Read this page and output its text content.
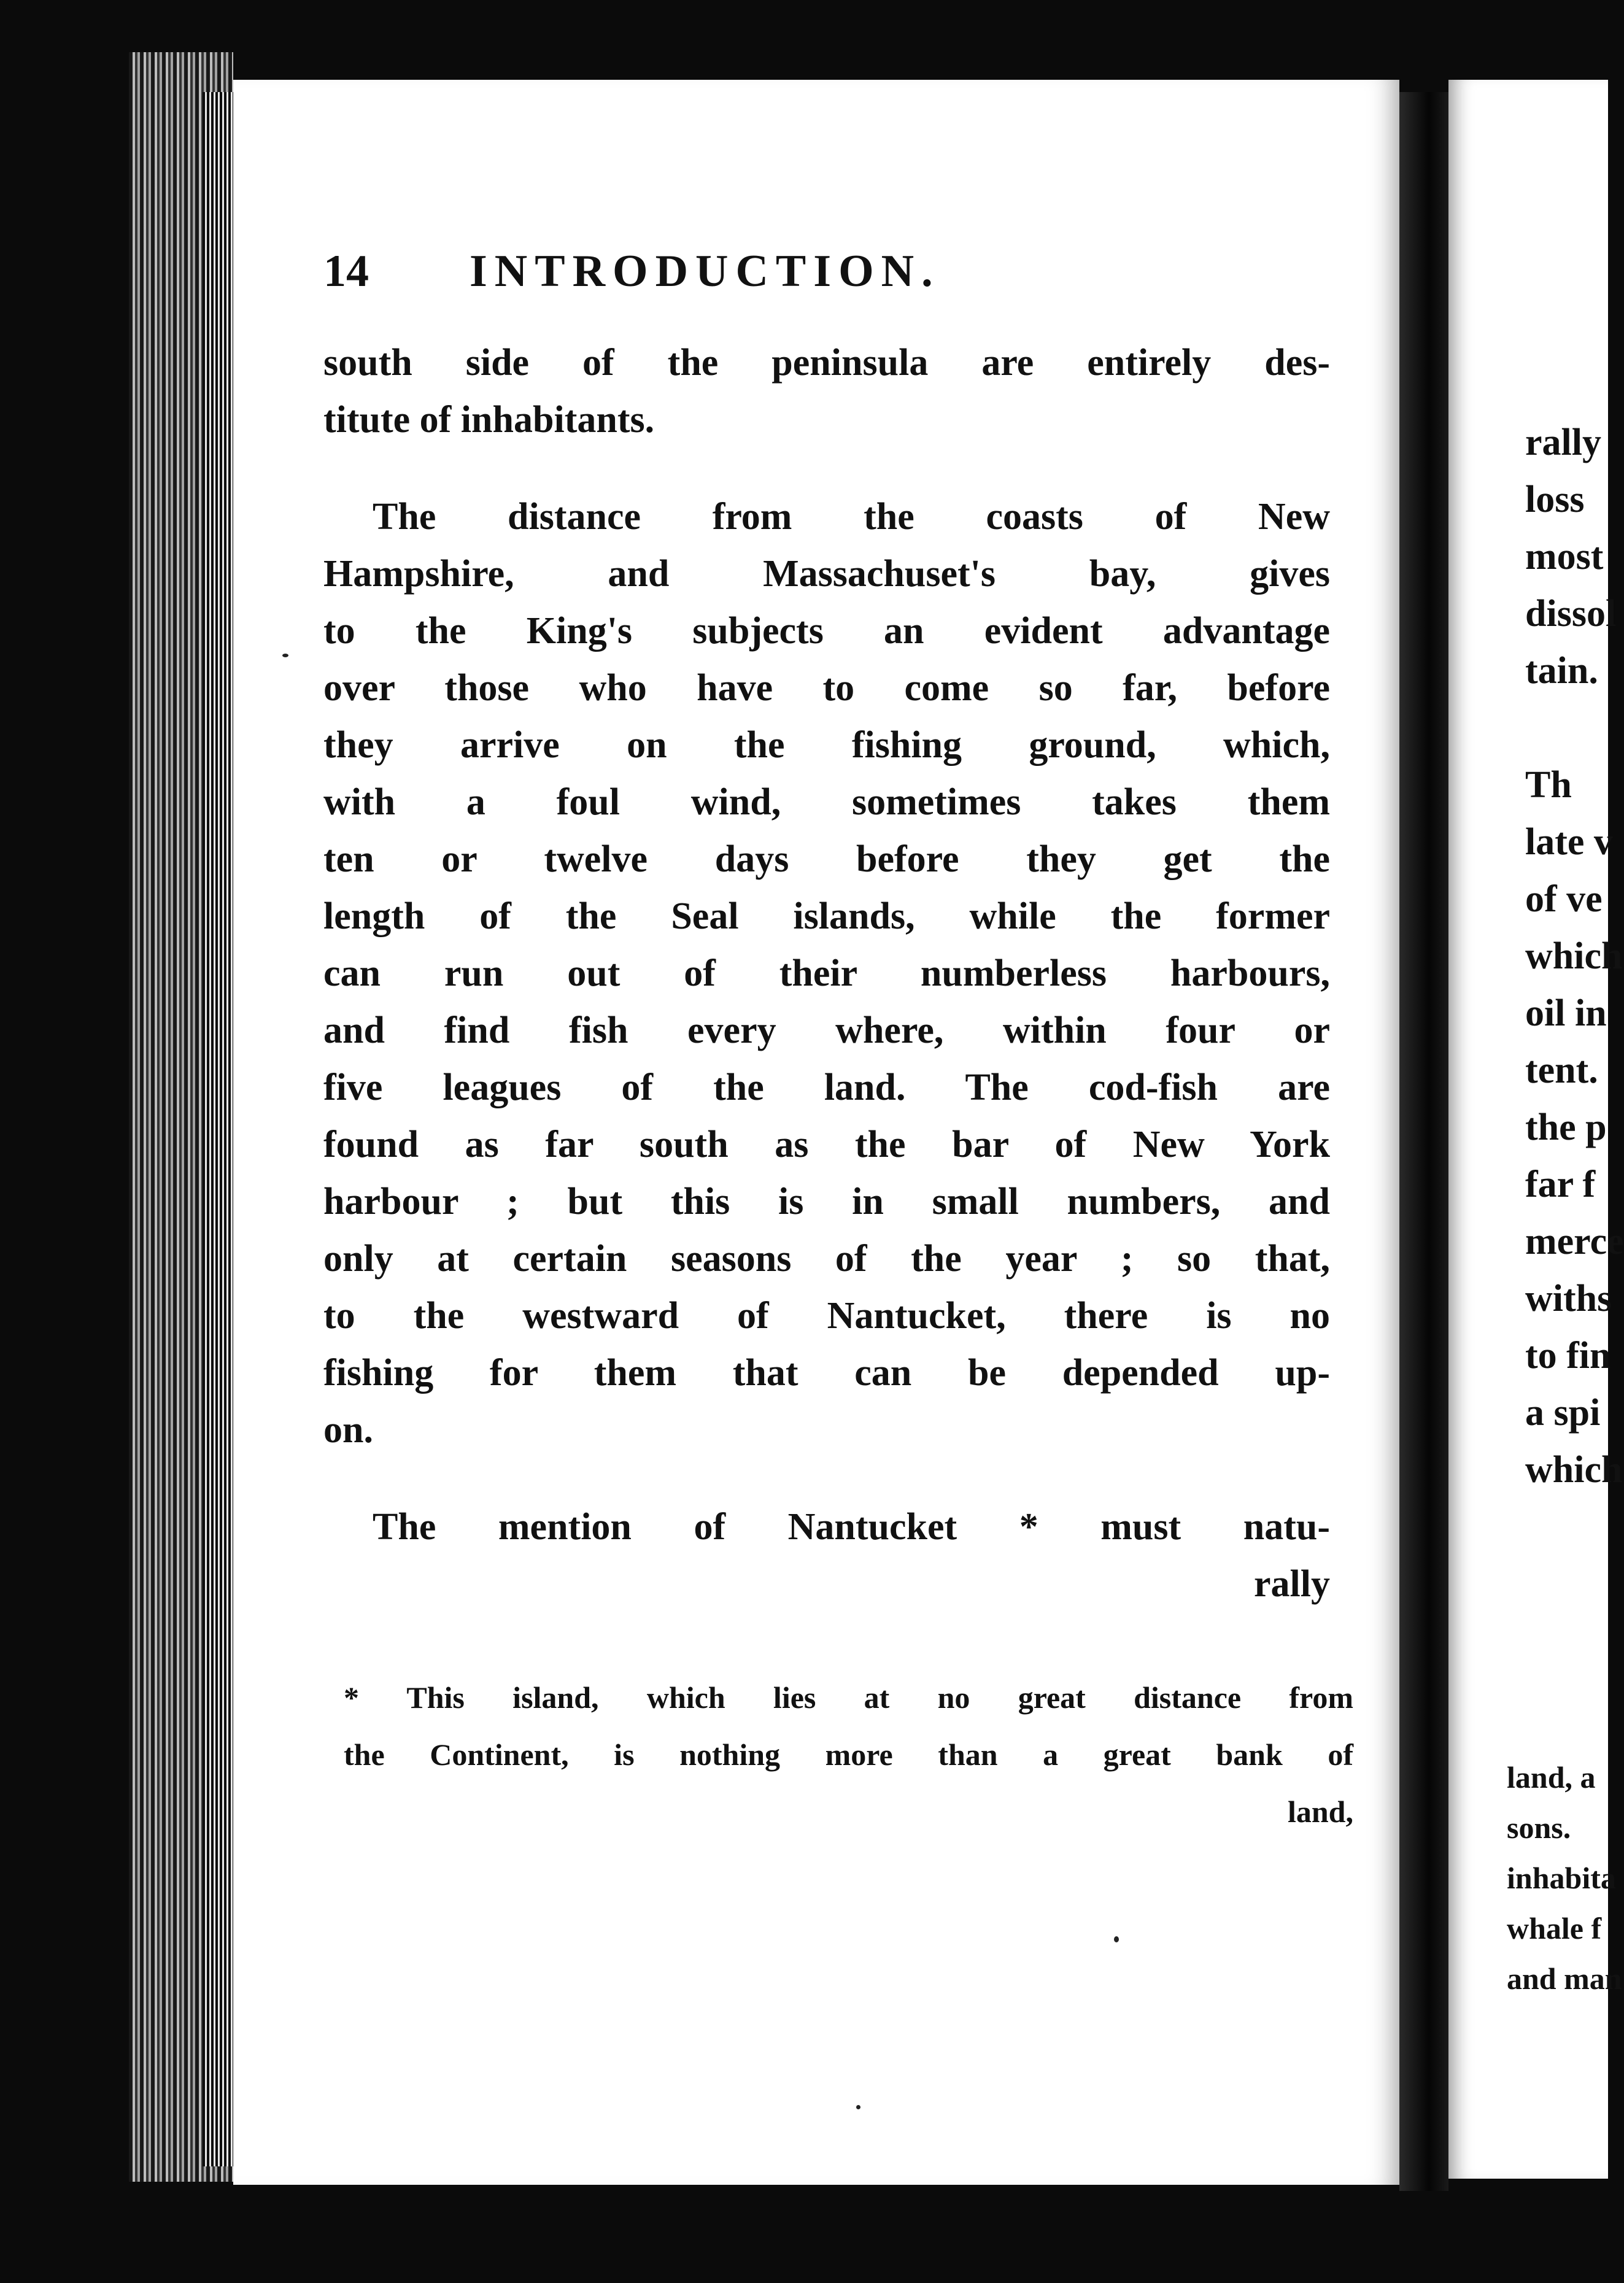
14 INTRODUCTION.
south side of the peninsula are entirely des-
titute of inhabitants.
The distance from the coasts of New
Hampshire, and Massachuset's bay, gives
to the King's subjects an evident advantage
over those who have to come so far, before
they arrive on the fishing ground, which,
with a foul wind, sometimes takes them
ten or twelve days before they get the
length of the Seal islands, while the former
can run out of their numberless harbours,
and find fish every where, within four or
five leagues of the land. The cod-fish are
found as far south as the bar of New York
harbour ; but this is in small numbers, and
only at certain seasons of the year ; so that,
to the westward of Nantucket, there is no
fishing for them that can be depended up-
on.
The mention of Nantucket * must natu-
rally
* This island, which lies at no great distance from
the Continent, is nothing more than a great bank of
land,
rally
loss
most
dissol
tain.
Th
late v
of ve
which
oil in
tent.
the p
far f
merce
withs
to fin
a spi
which
land, a
sons.
inhabita
whale f
and man
